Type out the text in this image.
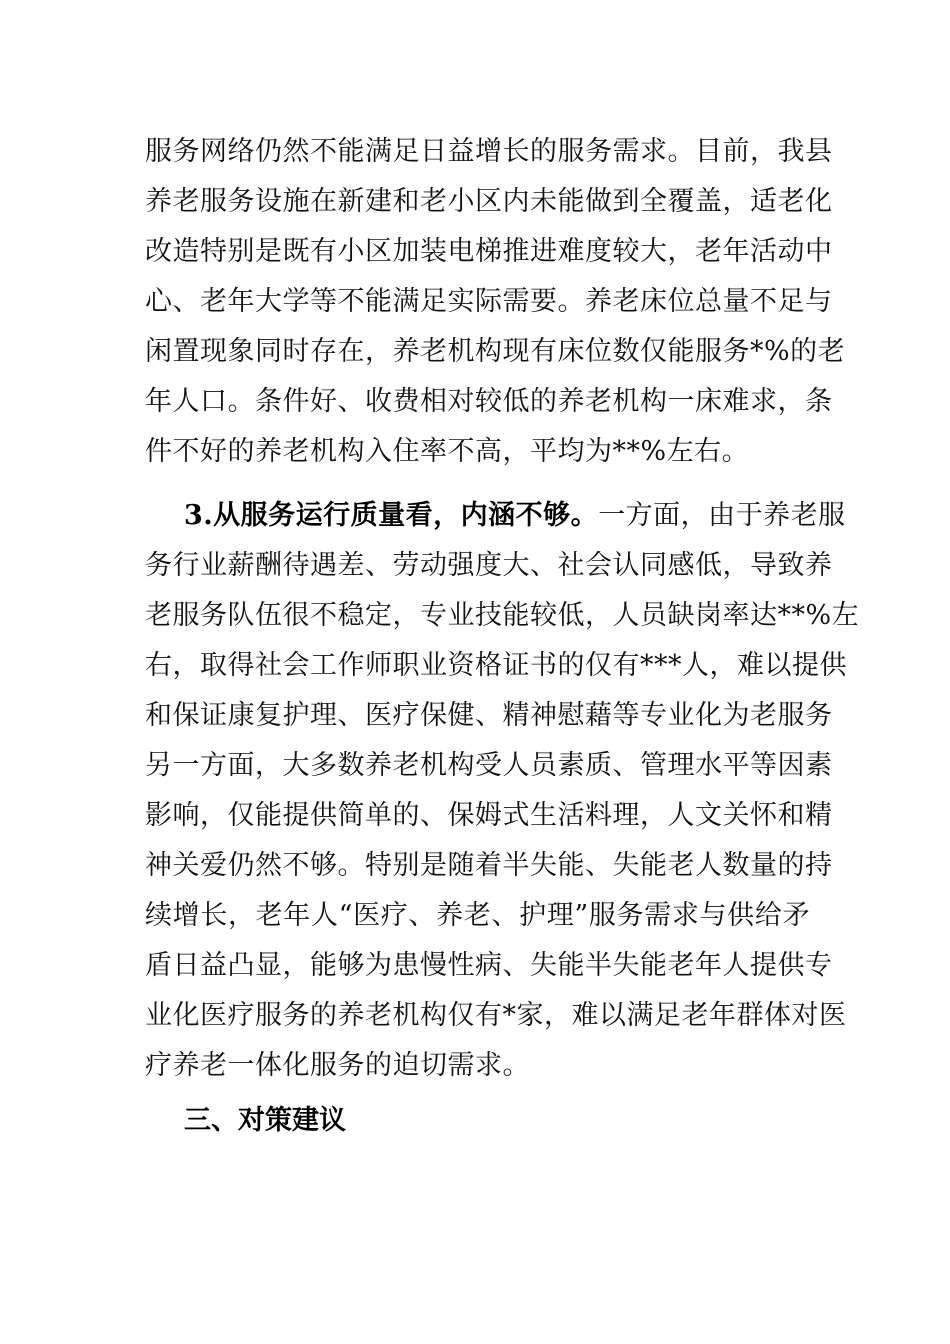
服务网络仍然不能满足日益增长的服务需求。目前，我县
养老服务设施在新建和老小区内未能做到全覆盖，适老化
改造特别是既有小区加装电梯推进难度较大，老年活动中
心、老年大学等不能满足实际需要。养老床位总量不足与
闲置现象同时存在，养老机构现有床位数仅能服务*%的老
年人口。条件好、收费相对较低的养老机构一床难求，条
件不好的养老机构入住率不高，平均为**%左右。
3.从服务运行质量看，内涵不够。一方面，由于养老服
务行业薪酬待遇差、劳动强度大、社会认同感低，导致养
老服务队伍很不稳定，专业技能较低，人员缺岗率达**%左
右，取得社会工作师职业资格证书的仅有***人，难以提供
和保证康复护理、医疗保健、精神慰藉等专业化为老服务
另一方面，大多数养老机构受人员素质、管理水平等因素
影响，仅能提供简单的、保姆式生活料理，人文关怀和精
神关爱仍然不够。特别是随着半失能、失能老人数量的持
续增长，老年人“医疗、养老、护理”服务需求与供给矛
盾日益凸显，能够为患慢性病、失能半失能老年人提供专
业化医疗服务的养老机构仅有*家，难以满足老年群体对医
疗养老一体化服务的迫切需求。
三、对策建议
